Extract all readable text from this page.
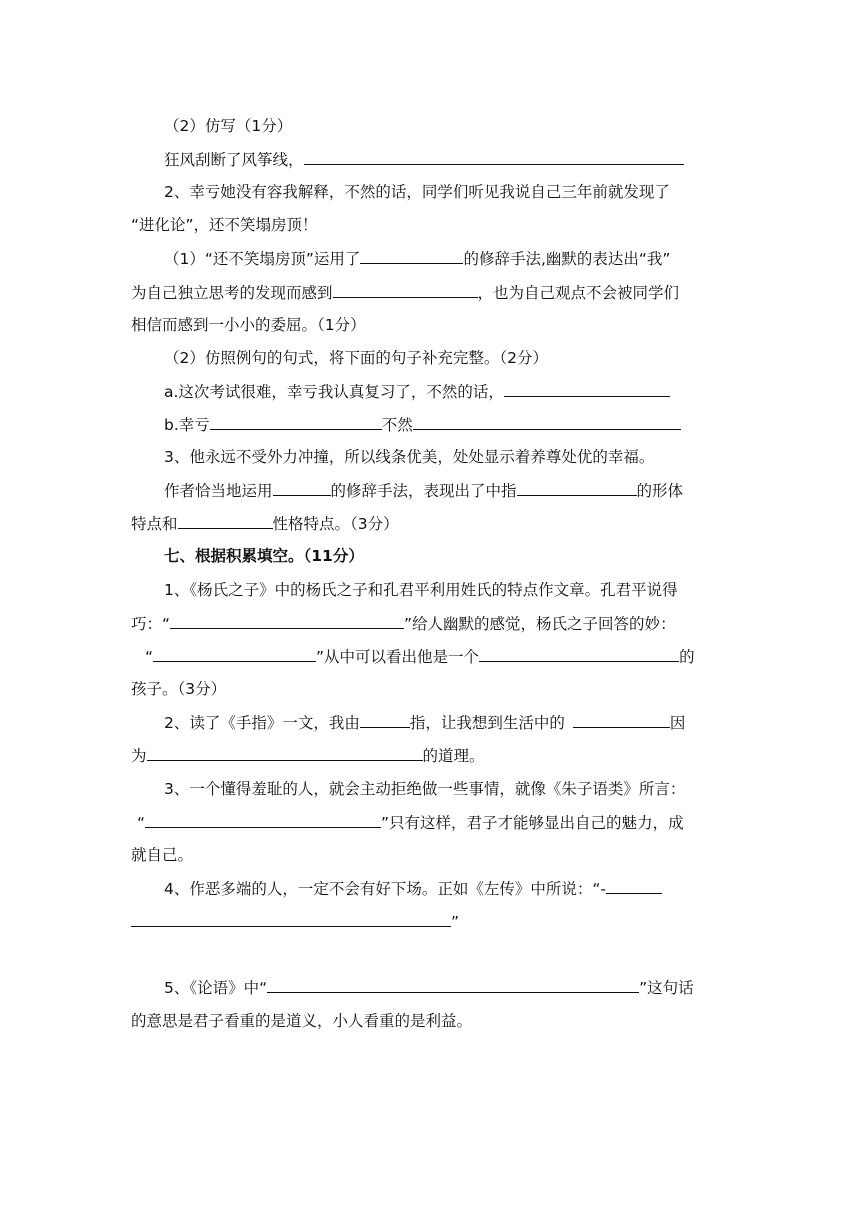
（2）仿写（1分）
狂风刮断了风筝线，
2、幸亏她没有容我解释，不然的话，同学们听见我说自己三年前就发现了
“进化论”，还不笑塌房顶！
（1）“还不笑塌房顶”运用了	的修辞手法,幽默的表达出“我”
为自己独立思考的发现而感到	，也为自己观点不会被同学们
相信而感到一小小的委屈。（1分）
（2）仿照例句的句式，将下面的句子补充完整。（2分）
a.这次考试很难，幸亏我认真复习了，不然的话，
b.幸亏	不然
3、他永远不受外力冲撞，所以线条优美，处处显示着养尊处优的幸福。
作者恰当地运用	的修辞手法，表现出了中指	的形体
特点和	性格特点。（3分）
七、根据积累填空。（11分）
1、《杨氏之子》中的杨氏之子和孔君平利用姓氏的特点作文章。孔君平说得
巧：“	”给人幽默的感觉，杨氏之子回答的妙：
“	”从中可以看出他是一个	的
孩子。（3分）
2、读了《手指》一文，我由	指，让我想到生活中的	因
为	的道理。
3、一个懂得羞耻的人，就会主动拒绝做一些事情，就像《朱子语类》所言：
“	”只有这样，君子才能够显出自己的魅力，成
就自己。
4、作恶多端的人，一定不会有好下场。正如《左传》中所说：“-
”
5、《论语》中“	”这句话
的意思是君子看重的是道义，小人看重的是利益。
